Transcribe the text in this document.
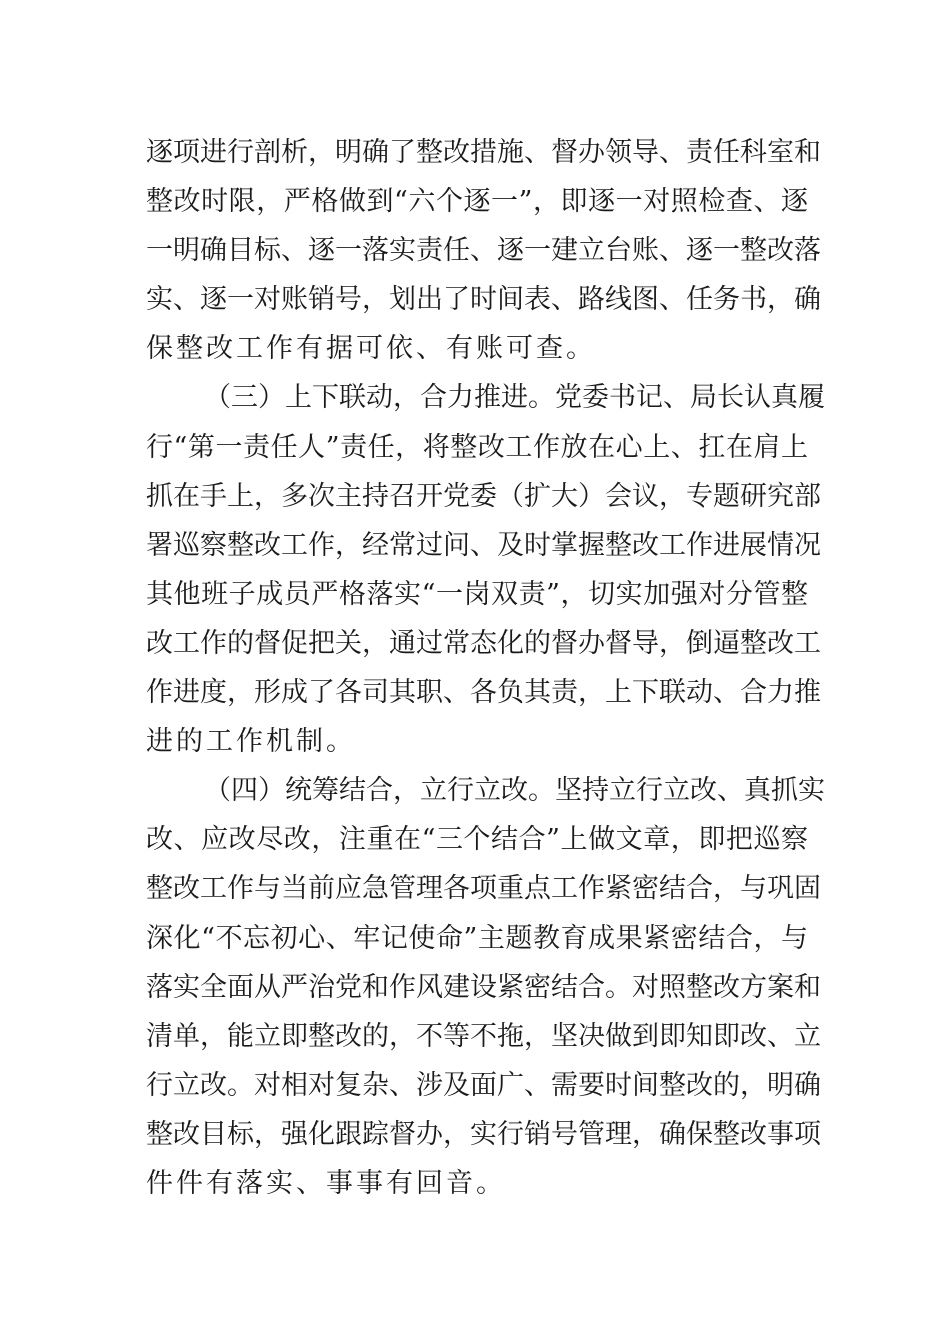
逐项进行剖析，明确了整改措施、督办领导、责任科室和
整改时限，严格做到“六个逐一”，即逐一对照检查、逐
一明确目标、逐一落实责任、逐一建立台账、逐一整改落
实、逐一对账销号，划出了时间表、路线图、任务书，确
保整改工作有据可依、有账可查。
（三）上下联动，合力推进。党委书记、局长认真履
行“第一责任人”责任，将整改工作放在心上、扛在肩上
抓在手上，多次主持召开党委（扩大）会议，专题研究部
署巡察整改工作，经常过问、及时掌握整改工作进展情况
其他班子成员严格落实“一岗双责”，切实加强对分管整
改工作的督促把关，通过常态化的督办督导，倒逼整改工
作进度，形成了各司其职、各负其责，上下联动、合力推
进的工作机制。
（四）统筹结合，立行立改。坚持立行立改、真抓实
改、应改尽改，注重在“三个结合”上做文章，即把巡察
整改工作与当前应急管理各项重点工作紧密结合，与巩固
深化“不忘初心、牢记使命”主题教育成果紧密结合，与
落实全面从严治党和作风建设紧密结合。对照整改方案和
清单，能立即整改的，不等不拖，坚决做到即知即改、立
行立改。对相对复杂、涉及面广、需要时间整改的，明确
整改目标，强化跟踪督办，实行销号管理，确保整改事项
件件有落实、事事有回音。
